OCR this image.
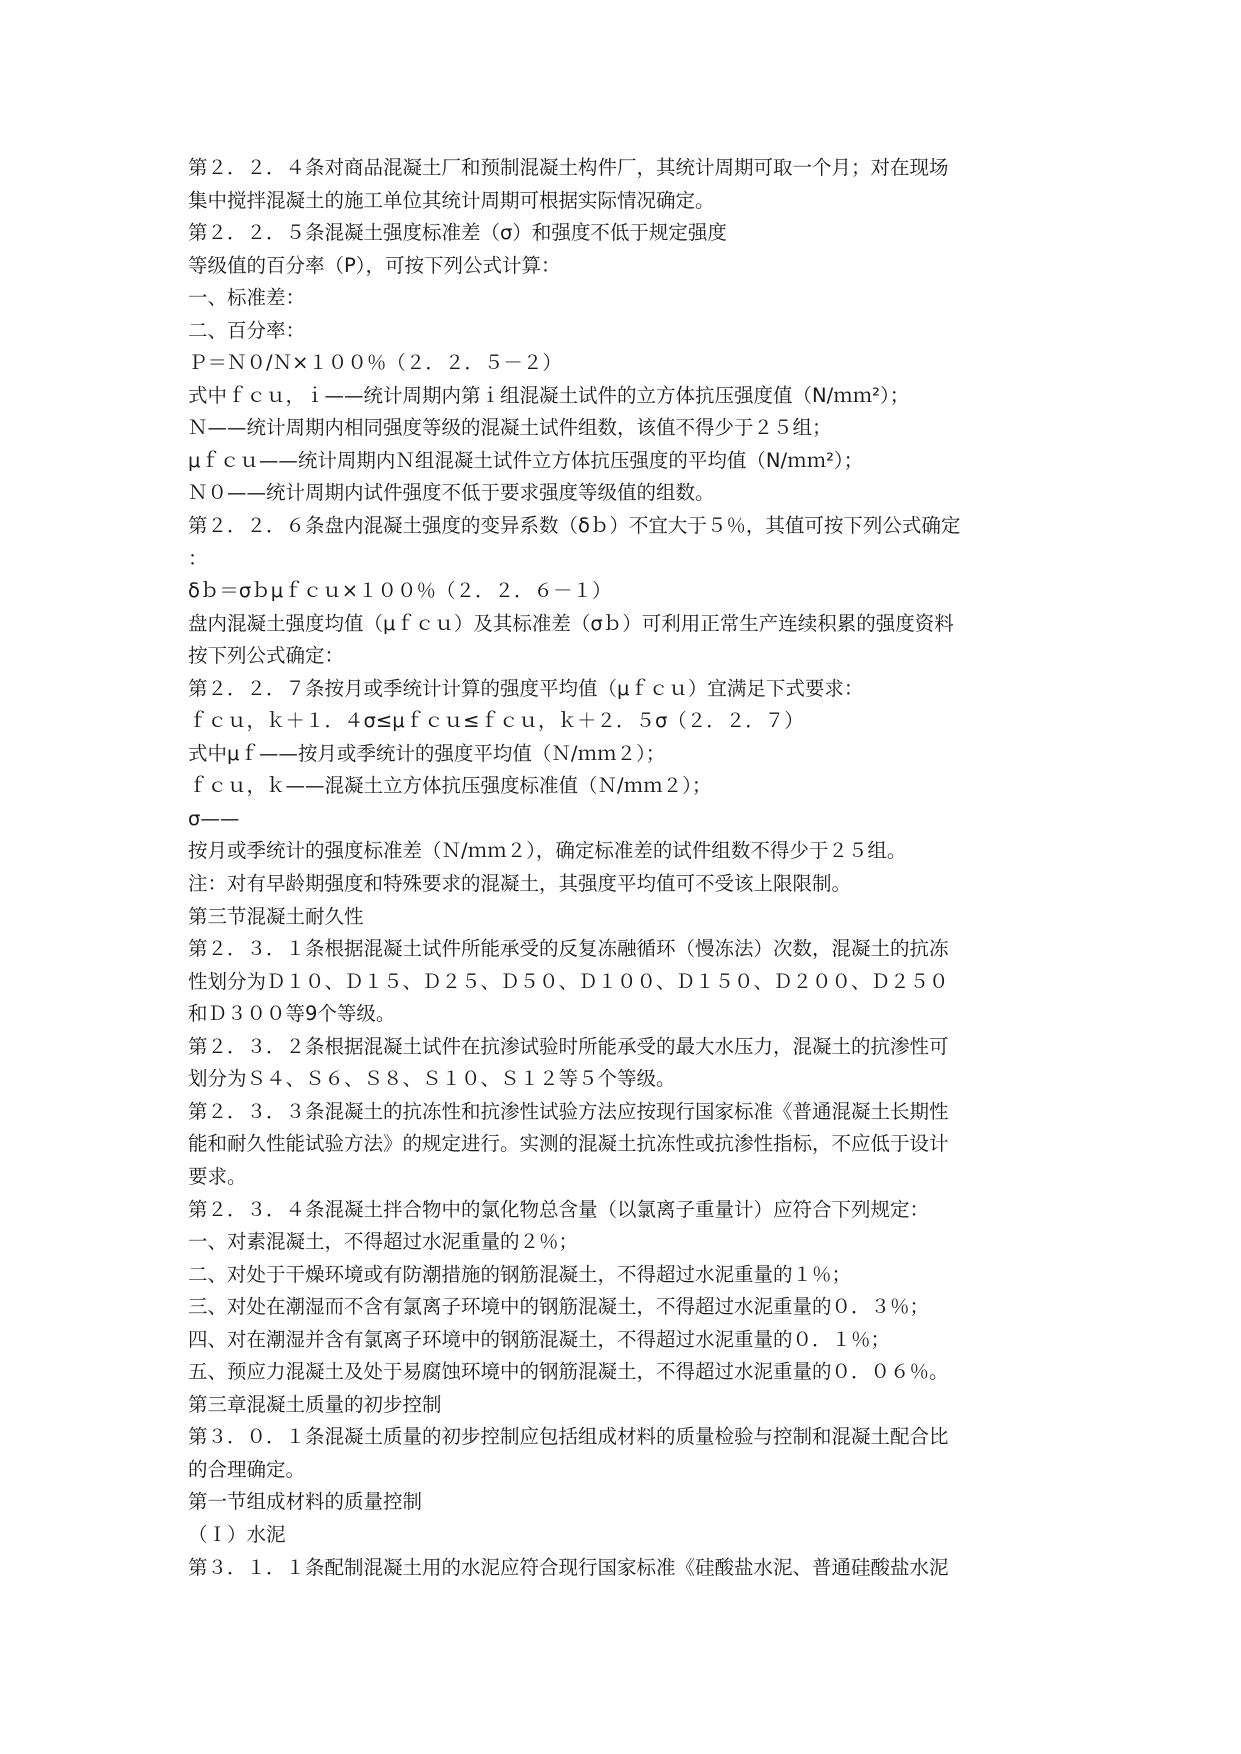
第２．２．４条对商品混凝土厂和预制混凝土构件厂，其统计周期可取一个月；对在现场
集中搅拌混凝土的施工单位其统计周期可根据实际情况确定。
第２．２．５条混凝土强度标准差（σ）和强度不低于规定强度
等级值的百分率（P），可按下列公式计算：
一、标准差：
二、百分率：
Ｐ＝Ｎ０/Ｎ×１００％（２．２．５－２）
式中ｆｃｕ，ｉ——统计周期内第ｉ组混凝土试件的立方体抗压强度值（N/ｍｍ²）；
Ｎ——统计周期内相同强度等级的混凝土试件组数，该值不得少于２５组；
μｆｃｕ——统计周期内Ｎ组混凝土试件立方体抗压强度的平均值（N/ｍｍ²）；
Ｎ０——统计周期内试件强度不低于要求强度等级值的组数。
第２．２．６条盘内混凝土强度的变异系数（δｂ）不宜大于５％，其值可按下列公式确定
：
δｂ＝σｂμｆｃｕ×１００％（２．２．６－１）
盘内混凝土强度均值（μｆｃｕ）及其标准差（σｂ）可利用正常生产连续积累的强度资料
按下列公式确定：
第２．２．７条按月或季统计计算的强度平均值（μｆｃｕ）宜满足下式要求：
ｆｃｕ，ｋ＋１．４σ≤μｆｃｕ≤ｆｃｕ，ｋ＋２．５σ（２．２．７）
式中μｆ——按月或季统计的强度平均值（Ｎ/ｍｍ２）；
ｆｃｕ，ｋ——混凝土立方体抗压强度标准值（Ｎ/ｍｍ２）；
σ——
按月或季统计的强度标准差（Ｎ/ｍｍ２），确定标准差的试件组数不得少于２５组。
注：对有早龄期强度和特殊要求的混凝土，其强度平均值可不受该上限限制。
第三节混凝土耐久性
第２．３．１条根据混凝土试件所能承受的反复冻融循环（慢冻法）次数，混凝土的抗冻
性划分为Ｄ１０、Ｄ１５、Ｄ２５、Ｄ５０、Ｄ１００、Ｄ１５０、Ｄ２００、Ｄ２５０
和Ｄ３００等9个等级。
第２．３．２条根据混凝土试件在抗渗试验时所能承受的最大水压力，混凝土的抗渗性可
划分为Ｓ４、Ｓ６、Ｓ８、Ｓ１０、Ｓ１２等５个等级。
第２．３．３条混凝土的抗冻性和抗渗性试验方法应按现行国家标准《普通混凝土长期性
能和耐久性能试验方法》的规定进行。实测的混凝土抗冻性或抗渗性指标，不应低于设计
要求。
第２．３．４条混凝土拌合物中的氯化物总含量（以氯离子重量计）应符合下列规定：
一、对素混凝土，不得超过水泥重量的２％；
二、对处于干燥环境或有防潮措施的钢筋混凝土，不得超过水泥重量的１％；
三、对处在潮湿而不含有氯离子环境中的钢筋混凝土，不得超过水泥重量的０．３％；
四、对在潮湿并含有氯离子环境中的钢筋混凝土，不得超过水泥重量的０．１％；
五、预应力混凝土及处于易腐蚀环境中的钢筋混凝土，不得超过水泥重量的０．０６％。
第三章混凝土质量的初步控制
第３．０．１条混凝土质量的初步控制应包括组成材料的质量检验与控制和混凝土配合比
的合理确定。
第一节组成材料的质量控制
（Ｉ）水泥
第３．１．１条配制混凝土用的水泥应符合现行国家标准《硅酸盐水泥、普通硅酸盐水泥
